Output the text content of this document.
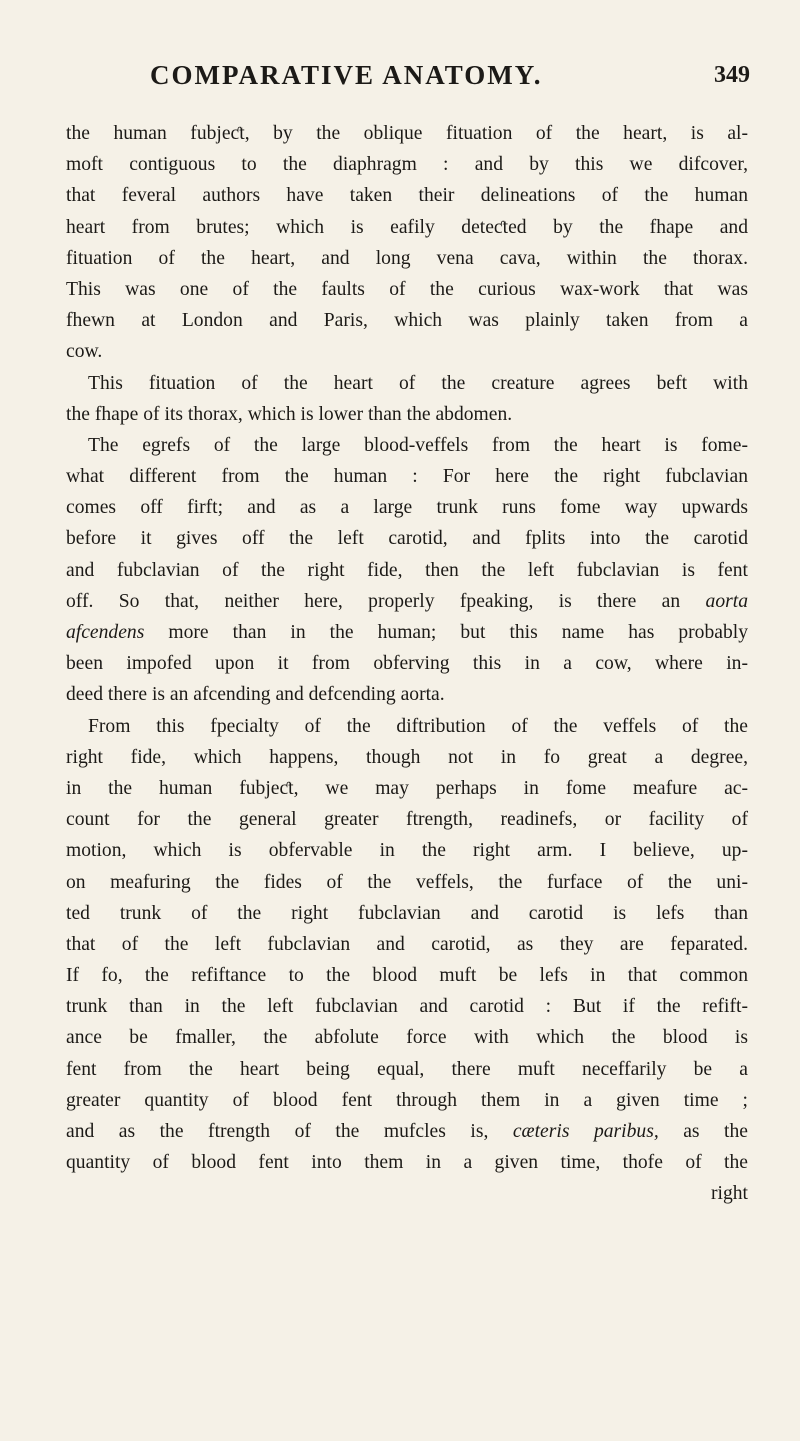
COMPARATIVE ANATOMY.	349
the human fubjeƈt, by the oblique fituation of the heart, is al-
moft contiguous to the diaphragm : and by this we difcover,
that feveral authors have taken their delineations of the human
heart from brutes; which is eafily deteƈted by the fhape and
fituation of the heart, and long vena cava, within the thorax.
This was one of the faults of the curious wax-work that was
fhewn at London and Paris, which was plainly taken from a
cow.
This fituation of the heart of the creature agrees beft with
the fhape of its thorax, which is lower than the abdomen.
The egrefs of the large blood-veffels from the heart is fome-
what different from the human : For here the right fubclavian
comes off firft; and as a large trunk runs fome way upwards
before it gives off the left carotid, and fplits into the carotid
and fubclavian of the right fide, then the left fubclavian is fent
off. So that, neither here, properly fpeaking, is there an aorta
afcendens more than in the human; but this name has probably
been impofed upon it from obferving this in a cow, where in-
deed there is an afcending and defcending aorta.
From this fpecialty of the diftribution of the veffels of the
right fide, which happens, though not in fo great a degree,
in the human fubjeƈt, we may perhaps in fome meafure ac-
count for the general greater ftrength, readinefs, or facility of
motion, which is obfervable in the right arm. I believe, up-
on meafuring the fides of the veffels, the furface of the uni-
ted trunk of the right fubclavian and carotid is lefs than
that of the left fubclavian and carotid, as they are feparated.
If fo, the refiftance to the blood muft be lefs in that common
trunk than in the left fubclavian and carotid : But if the refift-
ance be fmaller, the abfolute force with which the blood is
fent from the heart being equal, there muft neceffarily be a
greater quantity of blood fent through them in a given time ;
and as the ftrength of the mufcles is, cæteris paribus, as the
quantity of blood fent into them in a given time, thofe of the
right
